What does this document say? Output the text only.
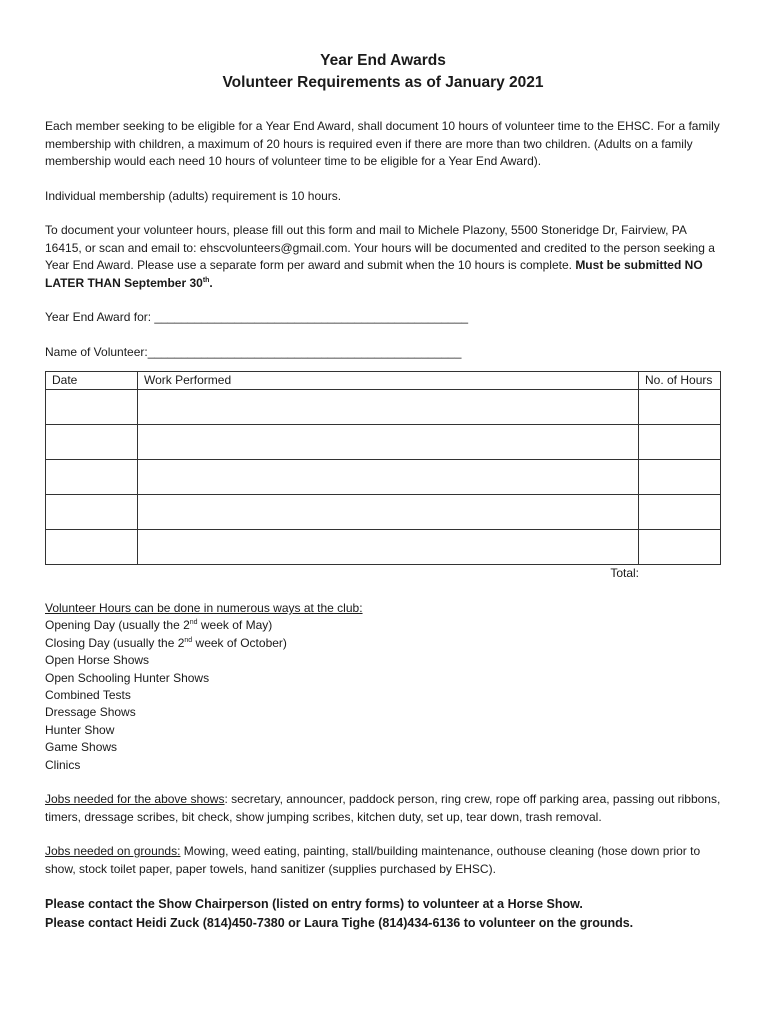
Year End Awards
Volunteer Requirements as of January 2021

Each member seeking to be eligible for a Year End Award, shall document 10 hours of volunteer time to the EHSC. For a family membership with children, a maximum of 20 hours is required even if there are more than two children. (Adults on a family membership would each need 10 hours of volunteer time to be eligible for a Year End Award).

Individual membership (adults) requirement is 10 hours.

To document your volunteer hours, please fill out this form and mail to Michele Plazony, 5500 Stoneridge Dr, Fairview, PA 16415, or scan and email to: ehscvolunteers@gmail.com. Your hours will be documented and credited to the person seeking a Year End Award. Please use a separate form per award and submit when the 10 hours is complete. Must be submitted NO LATER THAN September 30th.

Year End Award for: _______________________________________________
Name of Volunteer:_______________________________________________
Date	Work Performed	No. of Hours

Total:
Volunteer Hours can be done in numerous ways at the club:
Opening Day (usually the 2nd week of May)
Closing Day (usually the 2nd week of October)
Open Horse Shows
Open Schooling Hunter Shows
Combined Tests
Dressage Shows
Hunter Show
Game Shows
Clinics

Jobs needed for the above shows: secretary, announcer, paddock person, ring crew, rope off parking area, passing out ribbons, timers, dressage scribes, bit check, show jumping scribes, kitchen duty, set up, tear down, trash removal.

Jobs needed on grounds: Mowing, weed eating, painting, stall/building maintenance, outhouse cleaning (hose down prior to show, stock toilet paper, paper towels, hand sanitizer (supplies purchased by EHSC).

Please contact the Show Chairperson (listed on entry forms) to volunteer at a Horse Show.
Please contact Heidi Zuck (814)450-7380 or Laura Tighe (814)434-6136 to volunteer on the grounds.
